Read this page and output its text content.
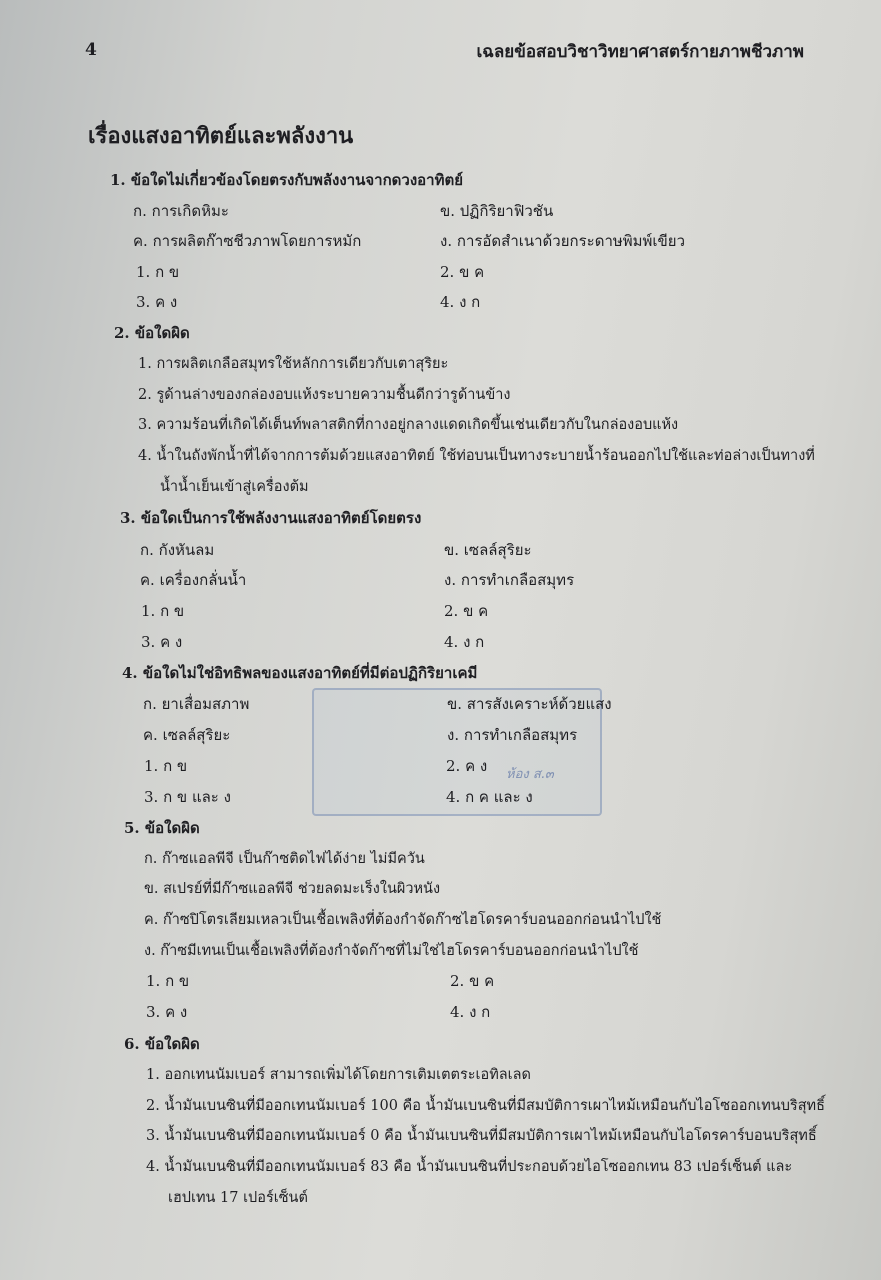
4	เฉลยข้อสอบวิชาวิทยาศาสตร์กายภาพชีวภาพ
เรื่องแสงอาทิตย์และพลังงาน
ห้อง ส.๓
1. ข้อใดไม่เกี่ยวข้องโดยตรงกับพลังงานจากดวงอาทิตย์
ก. การเกิดหิมะ	ข. ปฏิกิริยาฟิวชัน
ค. การผลิตก๊าซชีวภาพโดยการหมัก	ง. การอัดสำเนาด้วยกระดาษพิมพ์เขียว
1. ก ข	2. ข ค
3. ค ง	4. ง ก
2. ข้อใดผิด
1. การผลิตเกลือสมุทรใช้หลักการเดียวกับเตาสุริยะ
2. รูด้านล่างของกล่องอบแห้งระบายความชื้นดีกว่ารูด้านข้าง
3. ความร้อนที่เกิดได้เต็นท์พลาสติกที่กางอยู่กลางแดดเกิดขึ้นเช่นเดียวกับในกล่องอบแห้ง
4. น้ำในถังพักน้ำที่ได้จากการต้มด้วยแสงอาทิตย์ ใช้ท่อบนเป็นทางระบายน้ำร้อนออกไปใช้และท่อล่างเป็นทางที่
น้ำน้ำเย็นเข้าสู่เครื่องต้ม
3. ข้อใดเป็นการใช้พลังงานแสงอาทิตย์โดยตรง
ก. กังหันลม	ข. เซลล์สุริยะ
ค. เครื่องกลั่นน้ำ	ง. การทำเกลือสมุทร
1. ก ข	2. ข ค
3. ค ง	4. ง ก
4. ข้อใดไม่ใช่อิทธิพลของแสงอาทิตย์ที่มีต่อปฏิกิริยาเคมี
ก. ยาเสื่อมสภาพ	ข. สารสังเคราะห์ด้วยแสง
ค. เซลล์สุริยะ	ง. การทำเกลือสมุทร
1. ก ข	2. ค ง
3. ก ข และ ง	4. ก ค และ ง
5. ข้อใดผิด
ก. ก๊าซแอลพีจี เป็นก๊าซติดไฟได้ง่าย ไม่มีควัน
ข. สเปรย์ที่มีก๊าซแอลพีจี ช่วยลดมะเร็งในผิวหนัง
ค. ก๊าซปิโตรเลียมเหลวเป็นเชื้อเพลิงที่ต้องกำจัดก๊าซไฮโดรคาร์บอนออกก่อนนำไปใช้
ง. ก๊าซมีเทนเป็นเชื้อเพลิงที่ต้องกำจัดก๊าซที่ไม่ใช่ไฮโดรคาร์บอนออกก่อนนำไปใช้
1. ก ข	2. ข ค
3. ค ง	4. ง ก
6. ข้อใดผิด
1. ออกเทนนัมเบอร์ สามารถเพิ่มได้โดยการเติมเตตระเอทิลเลด
2. น้ำมันเบนซินที่มีออกเทนนัมเบอร์ 100 คือ น้ำมันเบนซินที่มีสมบัติการเผาไหม้เหมือนกับไอโซออกเทนบริสุทธิ์
3. น้ำมันเบนซินที่มีออกเทนนัมเบอร์ 0 คือ น้ำมันเบนซินที่มีสมบัติการเผาไหม้เหมือนกับไอโดรคาร์บอนบริสุทธิ์
4. น้ำมันเบนซินที่มีออกเทนนัมเบอร์ 83 คือ น้ำมันเบนซินที่ประกอบด้วยไอโซออกเทน 83 เปอร์เซ็นต์ และ
เฮปเทน 17 เปอร์เซ็นต์
